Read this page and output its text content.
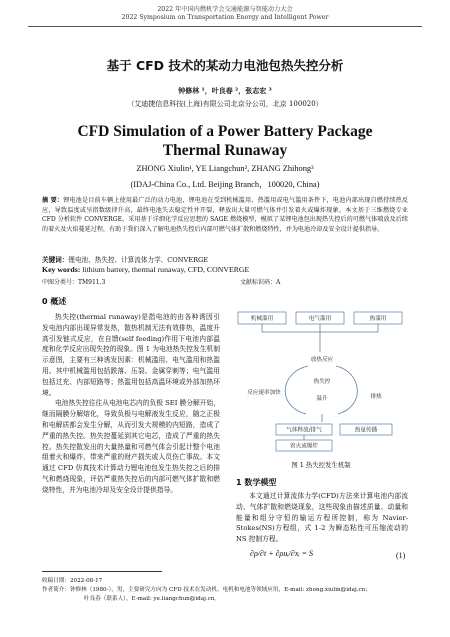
2022 年中国内燃机学会交通能源与智能动力大会
2022 Symposium on Transportation Energy and Intelligent Power
基于 CFD 技术的某动力电池包热失控分析
钟修林 ¹，叶良春 ²，张志宏 ³
（艾迪捷信息科技(上海)有限公司北京分公司，北京 100020）
CFD Simulation of a Power Battery Package
Thermal Runaway
ZHONG Xiulin¹, YE Liangchun², ZHANG Zhihong³
(IDAJ-China Co., Ltd. Beijing Branch，100020, China)
摘 要：锂电池是目前车辆上使用最广泛的动力电池，锂电池在受到机械滥用、热滥用或电气滥用条件下，电池内部出现自燃持续热反应，导致温度或呈指数级律升高，最终电池失去稳定性并开裂，释放出大量可燃气体并引发着火或爆炸现象。本文基于三维燃烧专业 CFD 分析软件 CONVERGE，采用基于详细化学反应思想的 SAGE 燃烧模型，模拟了某锂电池包出现热失控后的可燃气体喷放及后续的着火及火焰蔓延过程，有助于我们深入了解电池热失控后内部可燃气体扩散和燃烧特性，并为电池冷却及安全设计提供指导。
关键词：锂电池、热失控、计算流体力学、CONVERGE
Key words: lithium battery, thermal runaway, CFD, CONVERGE
中图分类号：TM911.3	文献标识码：A
0 概述

热失控(thermal runaway)是指电池的由各种诱因引发电池内部出现异常发热，散热机制无法有效排热，温度升高引发链式反应，在自馈(self feeding)作用下电池内部温度和化学反应出现失控的现象。图 1 为电池热失控发生机制示意图，主要有三种诱发因素：机械滥用、电气滥用和热滥用。其中机械滥用包括跌落、压裂、金属穿刺等；电气滥用包括过充、内部短路等；热滥用包括高温环境或外部加热环境。

电池热失控往往从电池电芯内的负极 SEI 膜分解开始，继而隔膜分解熔化，导致负极与电解液发生反应，随之正极和电解质都会发生分解，从而引发大规模的内短路，造成了严重的热失控。热失控蔓延到其它电芯，造成了严重的热失控。热失控散发出的大量热量和可燃气体会引起计整个电池组着火和爆炸，带来严重的财产损失或人员伤亡事故。本文通过 CFD 仿真技术计算动力锂电池包发生热失控之后的排气和燃烧现象，评估严重热失控后的内部可燃气体扩散和燃烧特性，并为电池冷却及安全设计提供指导。

机械滥用	电气滥用	热滥用
放热反应
热失控
反应速率加快
温升	排热
气体释放/排气	热量传播
着火或爆炸
图 1 热失控发生机制
1 数学模型

本文通过计算流体力学(CFD)方法来计算电池内部流动、气体扩散和燃烧现象，这些现象由描述质量、动量和能量和组分守恒的输运方程所控制，称为 Navier-Stokes(NS)方程组，式 1-2 为瞬态粘性可压缩流动的 NS 控制方程。

∂ρ/∂t + ∂ρuᵢ/∂xᵢ = S	(1)
收稿日期：2022-08-17
作者简介：钟修林（1980-），男，主要研究方向为 CFD 技术在发动机、电机和电池等领域应用，E-mail: zhong.xiulin@idaj.cn；
叶良春（联系人），E-mail: ye.liangchun@idaj.cn。
